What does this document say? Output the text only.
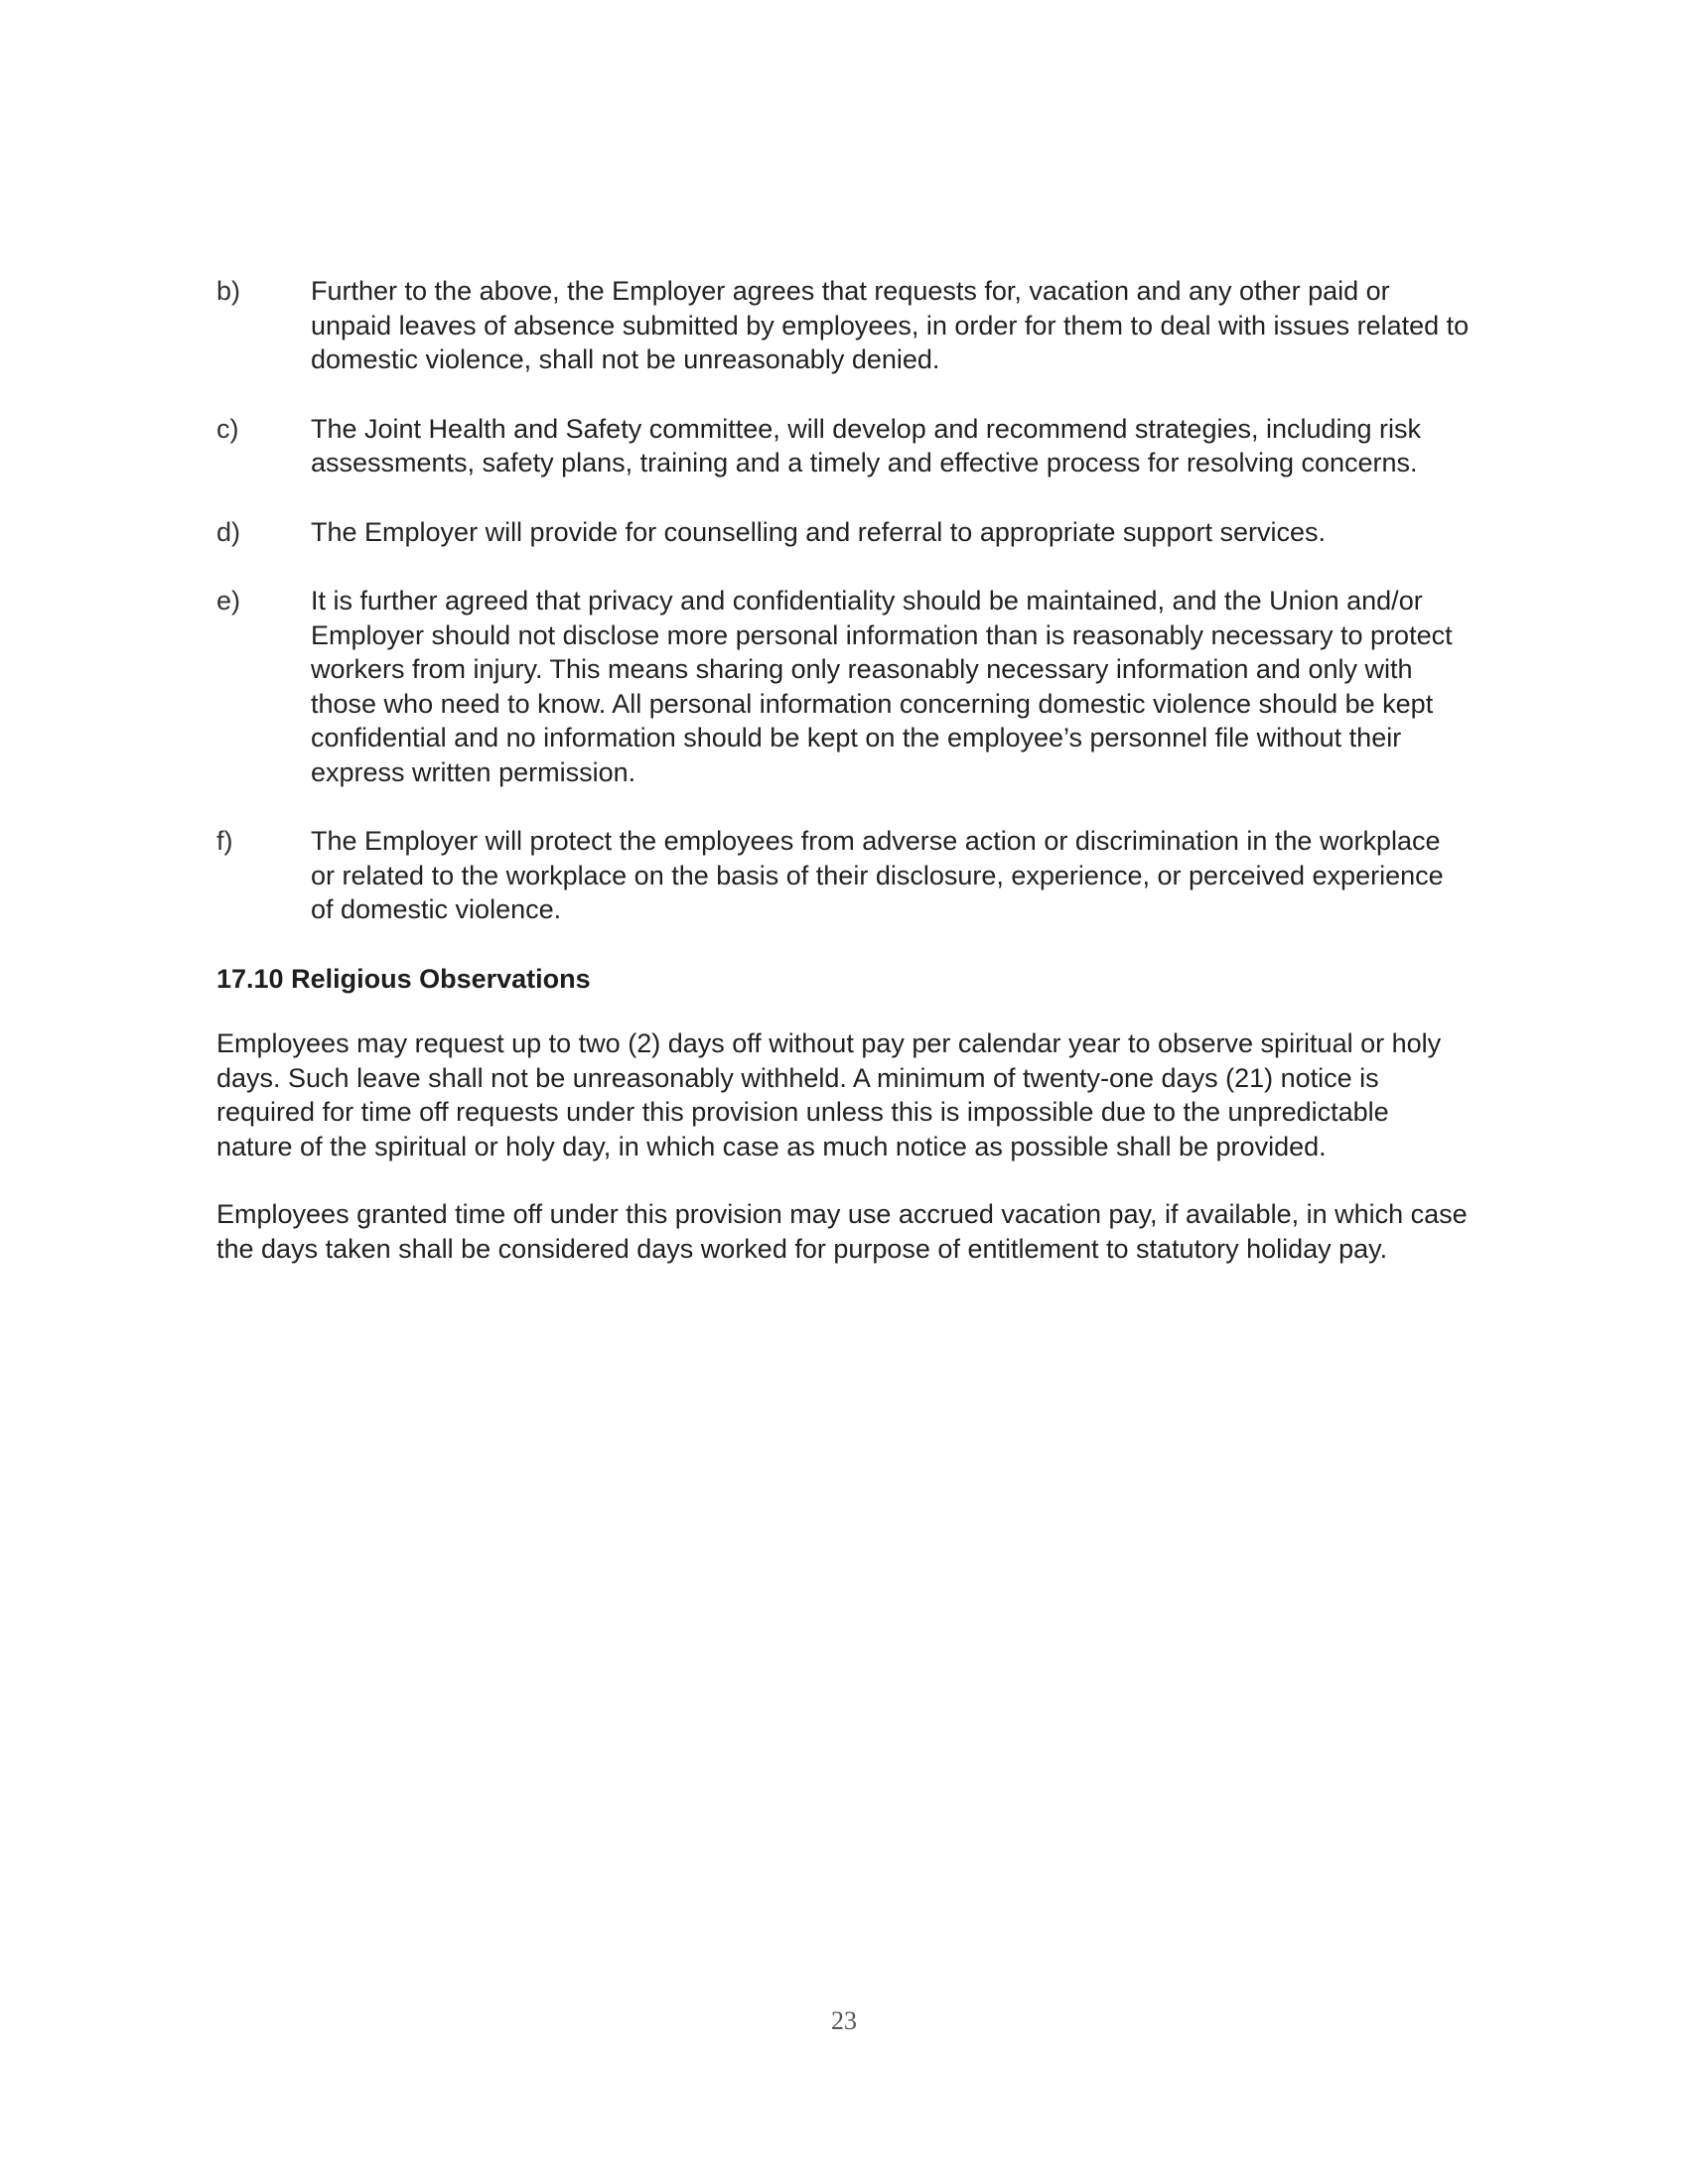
b)	Further to the above, the Employer agrees that requests for, vacation and any other paid or unpaid leaves of absence submitted by employees, in order for them to deal with issues related to domestic violence, shall not be unreasonably denied.
c)	The Joint Health and Safety committee, will develop and recommend strategies, including risk assessments, safety plans, training and a timely and effective process for resolving concerns.
d)	The Employer will provide for counselling and referral to appropriate support services.
e)	It is further agreed that privacy and confidentiality should be maintained, and the Union and/or Employer should not disclose more personal information than is reasonably necessary to protect workers from injury. This means sharing only reasonably necessary information and only with those who need to know. All personal information concerning domestic violence should be kept confidential and no information should be kept on the employee’s personnel file without their express written permission.
f)	The Employer will protect the employees from adverse action or discrimination in the workplace or related to the workplace on the basis of their disclosure, experience, or perceived experience of domestic violence.
17.10 Religious Observations

Employees may request up to two (2) days off without pay per calendar year to observe spiritual or holy days. Such leave shall not be unreasonably withheld. A minimum of twenty-one days (21) notice is required for time off requests under this provision unless this is impossible due to the unpredictable nature of the spiritual or holy day, in which case as much notice as possible shall be provided.

Employees granted time off under this provision may use accrued vacation pay, if available, in which case the days taken shall be considered days worked for purpose of entitlement to statutory holiday pay.

23
